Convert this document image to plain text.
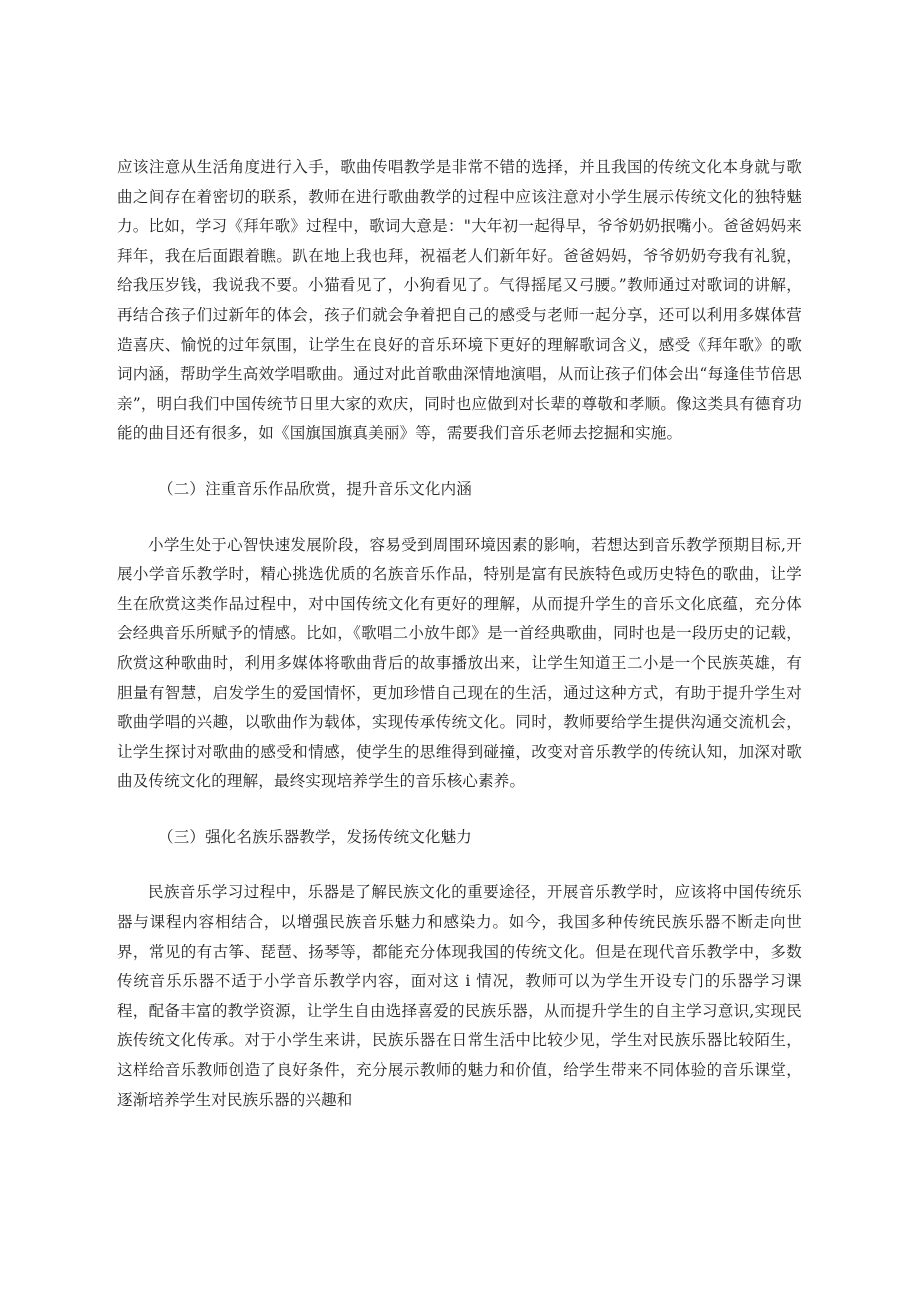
应该注意从生活角度进行入手，歌曲传唱教学是非常不错的选择，并且我国的传统文化本身就与歌曲之间存在着密切的联系，教师在进行歌曲教学的过程中应该注意对小学生展示传统文化的独特魅力。比如，学习《拜年歌》过程中，歌词大意是："大年初一起得早，爷爷奶奶抿嘴小。爸爸妈妈来拜年，我在后面跟着瞧。趴在地上我也拜，祝福老人们新年好。爸爸妈妈，爷爷奶奶夸我有礼貌，给我压岁钱，我说我不要。小猫看见了，小狗看见了。气得摇尾又弓腰。”教师通过对歌词的讲解，再结合孩子们过新年的体会，孩子们就会争着把自己的感受与老师一起分享，还可以利用多媒体营造喜庆、愉悦的过年氛围，让学生在良好的音乐环境下更好的理解歌词含义，感受《拜年歌》的歌词内涵，帮助学生高效学唱歌曲。通过对此首歌曲深情地演唱，从而让孩子们体会出“每逢佳节倍思亲”，明白我们中国传统节日里大家的欢庆，同时也应做到对长辈的尊敬和孝顺。像这类具有德育功能的曲目还有很多，如《国旗国旗真美丽》等，需要我们音乐老师去挖掘和实施。

（二）注重音乐作品欣赏，提升音乐文化内涵

小学生处于心智快速发展阶段，容易受到周围环境因素的影响，若想达到音乐教学预期目标,开展小学音乐教学时，精心挑选优质的名族音乐作品，特别是富有民族特色或历史特色的歌曲，让学生在欣赏这类作品过程中，对中国传统文化有更好的理解，从而提升学生的音乐文化底蕴，充分体会经典音乐所赋予的情感。比如，《歌唱二小放牛郎》是一首经典歌曲，同时也是一段历史的记载，欣赏这种歌曲时，利用多媒体将歌曲背后的故事播放出来，让学生知道王二小是一个民族英雄，有胆量有智慧，启发学生的爱国情怀，更加珍惜自己现在的生活，通过这种方式，有助于提升学生对歌曲学唱的兴趣，以歌曲作为载体，实现传承传统文化。同时，教师要给学生提供沟通交流机会，让学生探讨对歌曲的感受和情感，使学生的思维得到碰撞，改变对音乐教学的传统认知，加深对歌曲及传统文化的理解，最终实现培养学生的音乐核心素养。

（三）强化名族乐器教学，发扬传统文化魅力

民族音乐学习过程中，乐器是了解民族文化的重要途径，开展音乐教学时，应该将中国传统乐器与课程内容相结合，以增强民族音乐魅力和感染力。如今，我国多种传统民族乐器不断走向世界，常见的有古筝、琵琶、扬琴等，都能充分体现我国的传统文化。但是在现代音乐教学中，多数传统音乐乐器不适于小学音乐教学内容，面对这 i 情况，教师可以为学生开设专门的乐器学习课程，配备丰富的教学资源，让学生自由选择喜爱的民族乐器，从而提升学生的自主学习意识,实现民族传统文化传承。对于小学生来讲，民族乐器在日常生活中比较少见，学生对民族乐器比较陌生，这样给音乐教师创造了良好条件，充分展示教师的魅力和价值，给学生带来不同体验的音乐课堂，逐渐培养学生对民族乐器的兴趣和
